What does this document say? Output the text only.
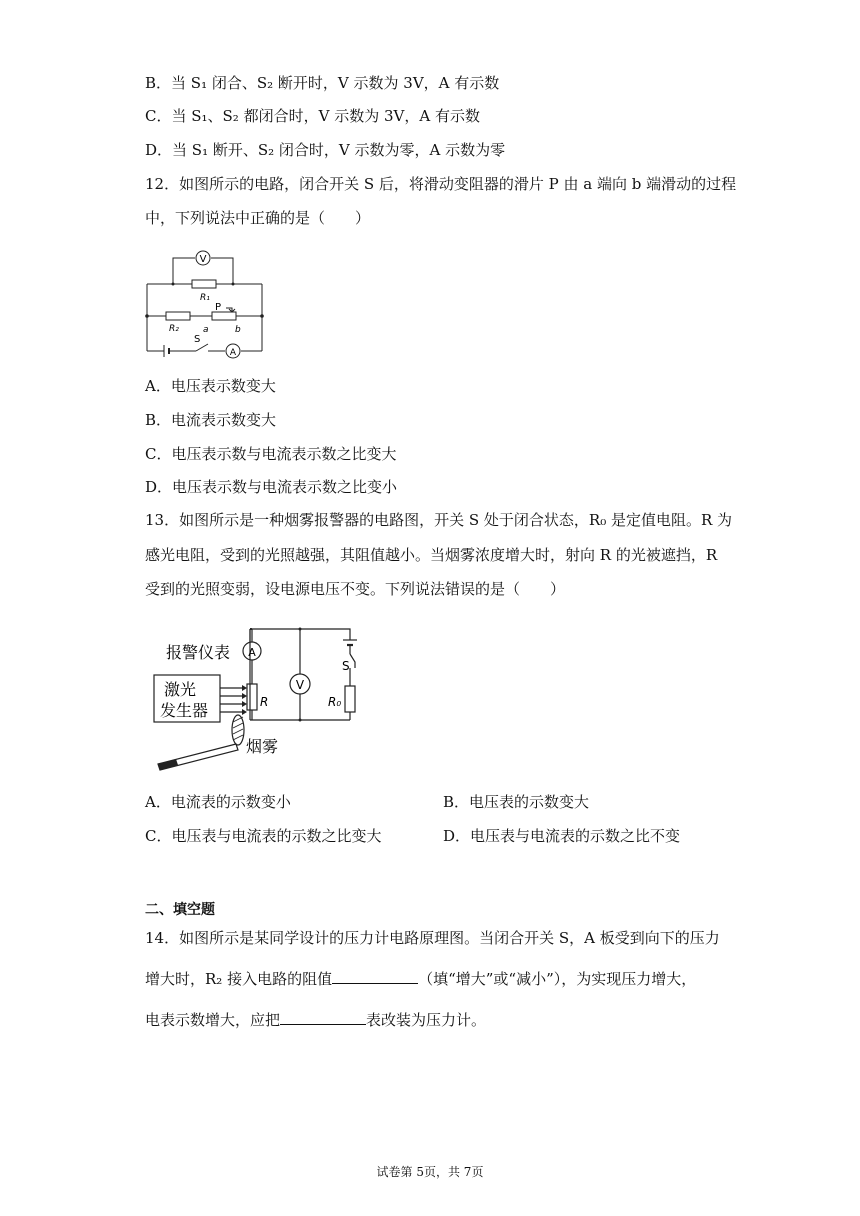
B．当 S₁ 闭合、S₂ 断开时，V 示数为 3V，A 有示数
C．当 S₁、S₂ 都闭合时，V 示数为 3V，A 有示数
D．当 S₁ 断开、S₂ 闭合时，V 示数为零，A 示数为零
12．如图所示的电路，闭合开关 S 后，将滑动变阻器的滑片 P 由 a 端向 b 端滑动的过程
中，下列说法中正确的是（　　）
V
R₁
R₂
P
a	b
S
A
A．电压表示数变大
B．电流表示数变大
C．电压表示数与电流表示数之比变大
D．电压表示数与电流表示数之比变小
13．如图所示是一种烟雾报警器的电路图，开关 S 处于闭合状态，R₀ 是定值电阻。R 为
感光电阻，受到的光照越强，其阻值越小。当烟雾浓度增大时，射向 R 的光被遮挡，R
受到的光照变弱，设电源电压不变。下列说法错误的是（　　）
报警仪表 A
V
激光
发生器	R	R₀
S
烟雾
A．电流表的示数变小	B．电压表的示数变大
C．电压表与电流表的示数之比变大	D．电压表与电流表的示数之比不变
二、填空题
14．如图所示是某同学设计的压力计电路原理图。当闭合开关 S，A 板受到向下的压力
增大时，R₂ 接入电路的阻值	（填“增大”或“减小”），为实现压力增大，
电表示数增大，应把	表改装为压力计。
试卷第 5页，共 7页
